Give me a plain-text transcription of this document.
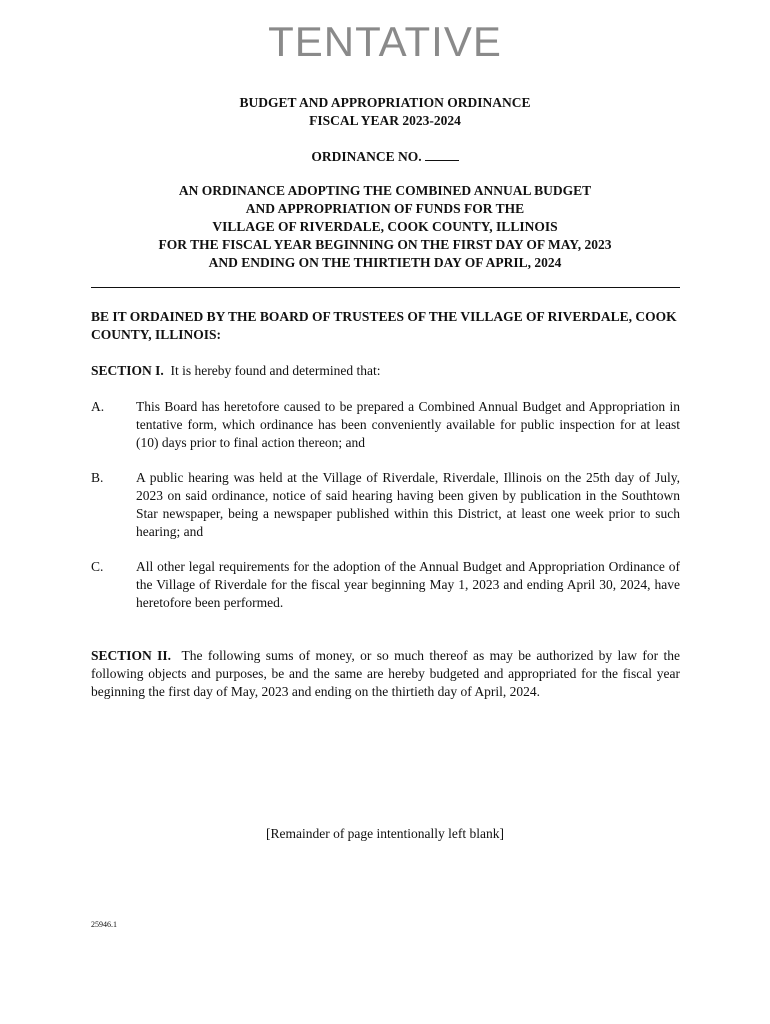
TENTATIVE
BUDGET AND APPROPRIATION ORDINANCE
FISCAL YEAR 2023-2024
ORDINANCE NO.
AN ORDINANCE ADOPTING THE COMBINED ANNUAL BUDGET
AND APPROPRIATION OF FUNDS FOR THE
VILLAGE OF RIVERDALE, COOK COUNTY, ILLINOIS
FOR THE FISCAL YEAR BEGINNING ON THE FIRST DAY OF MAY, 2023
AND ENDING ON THE THIRTIETH DAY OF APRIL, 2024
BE IT ORDAINED BY THE BOARD OF TRUSTEES OF THE VILLAGE OF RIVERDALE, COOK COUNTY, ILLINOIS:
SECTION I. It is hereby found and determined that:
A. This Board has heretofore caused to be prepared a Combined Annual Budget and Appropriation in tentative form, which ordinance has been conveniently available for public inspection for at least (10) days prior to final action thereon; and
B. A public hearing was held at the Village of Riverdale, Riverdale, Illinois on the 25th day of July, 2023 on said ordinance, notice of said hearing having been given by publication in the Southtown Star newspaper, being a newspaper published within this District, at least one week prior to such hearing; and
C. All other legal requirements for the adoption of the Annual Budget and Appropriation Ordinance of the Village of Riverdale for the fiscal year beginning May 1, 2023 and ending April 30, 2024, have heretofore been performed.
SECTION II. The following sums of money, or so much thereof as may be authorized by law for the following objects and purposes, be and the same are hereby budgeted and appropriated for the fiscal year beginning the first day of May, 2023 and ending on the thirtieth day of April, 2024.
[Remainder of page intentionally left blank]
25946.1
